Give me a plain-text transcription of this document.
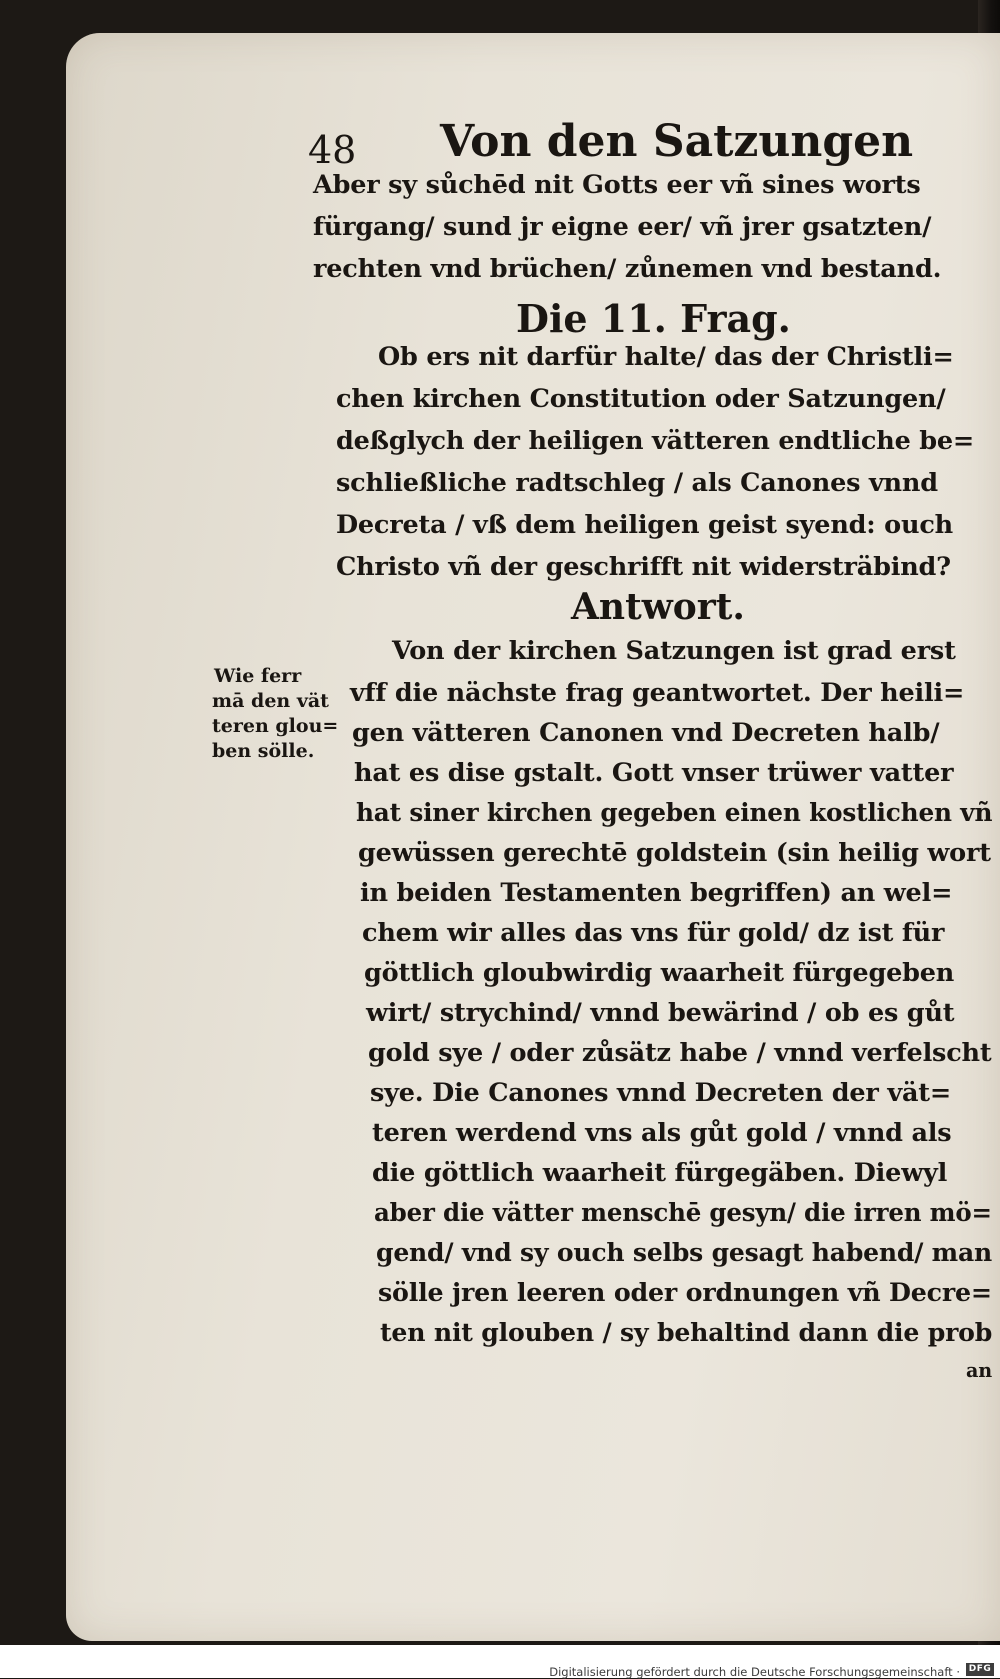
48 Von den Satzungen
Aber sy sůchēd nit Gotts eer vñ sines worts
fürgang/ sund jr eigne eer/ vñ jrer gsatzten/
rechten vnd brüchen/ zůnemen vnd bestand.
Die 11. Frag.
Ob ers nit darfür halte/ das der Christli=
chen kirchen Constitution oder Satzungen/
deßglych der heiligen vätteren endtliche be=
schließliche radtschleg / als Canones vnnd
Decreta / vß dem heiligen geist syend: ouch
Christo vñ der geschrifft nit widersträbind?
Antwort.
Von der kirchen Satzungen ist grad erst
vff die nächste frag geantwortet. Der heili=
gen vätteren Canonen vnd Decreten halb/
hat es dise gstalt. Gott vnser trüwer vatter
hat siner kirchen gegeben einen kostlichen vñ
gewüssen gerechtē goldstein (sin heilig wort
in beiden Testamenten begriffen) an wel=
chem wir alles das vns für gold/ dz ist für
göttlich gloubwirdig waarheit fürgegeben
wirt/ strychind/ vnnd bewärind / ob es gůt
gold sye / oder zůsätz habe / vnnd verfelscht
sye. Die Canones vnnd Decreten der vät=
teren werdend vns als gůt gold / vnnd als
die göttlich waarheit fürgegäben. Diewyl
aber die vätter menschē gesyn/ die irren mö=
gend/ vnd sy ouch selbs gesagt habend/ man
sölle jren leeren oder ordnungen vñ Decre=
ten nit glouben / sy behaltind dann die prob
an
Wie ferr
mā den vät
teren glou=
ben sölle.
Digitalisierung gefördert durch die Deutsche Forschungsgemeinschaft · DFG
